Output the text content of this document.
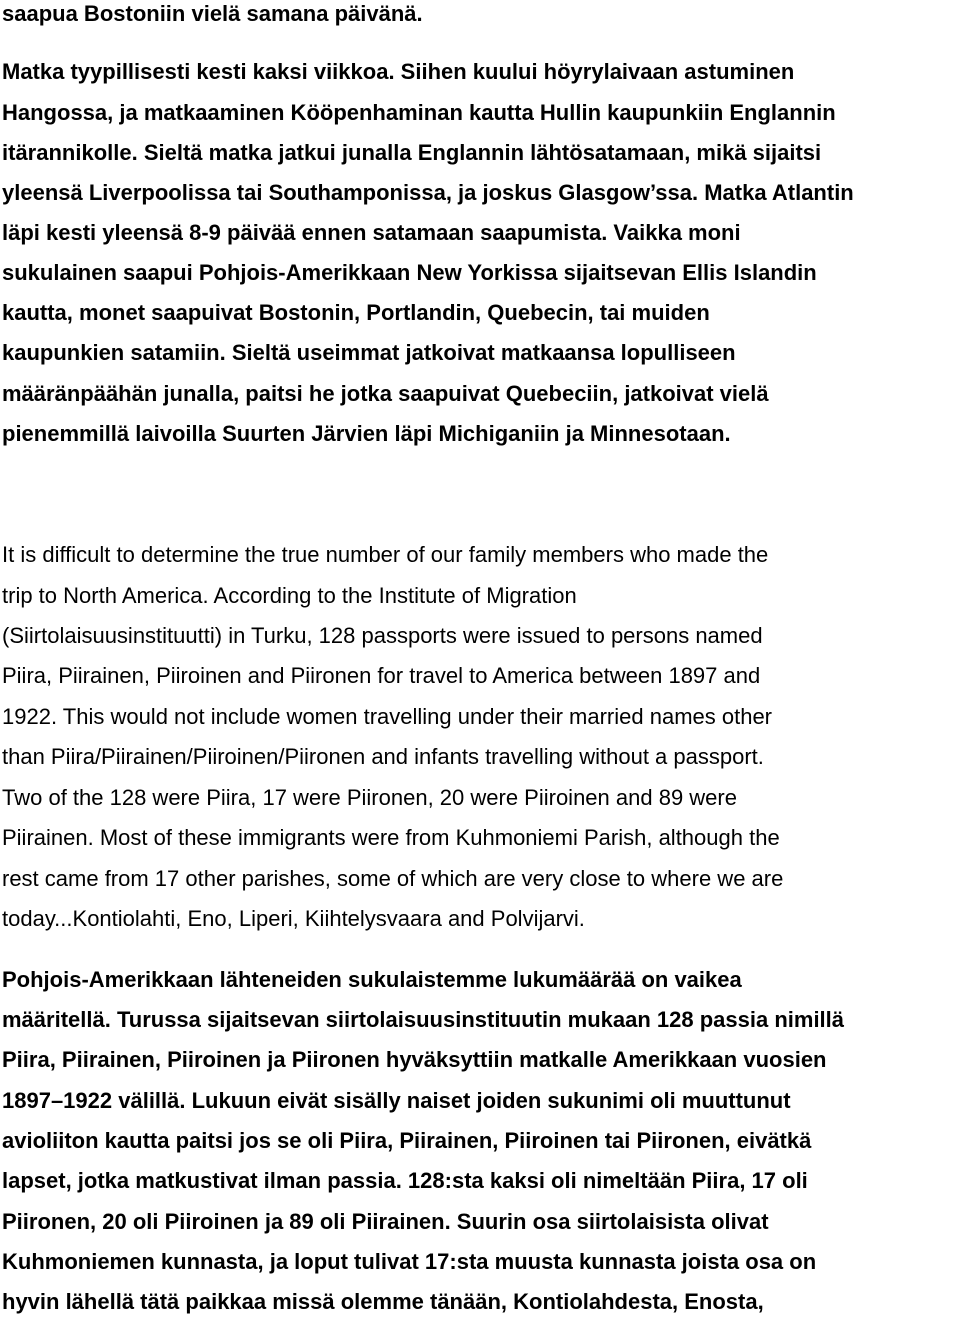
saapua Bostoniin vielä samana päivänä.
Matka tyypillisesti kesti kaksi viikkoa. Siihen kuului höyrylaivaan astuminen
Hangossa, ja matkaaminen Kööpenhaminan kautta Hullin kaupunkiin Englannin
itärannikolle. Sieltä matka jatkui junalla Englannin lähtösatamaan, mikä sijaitsi
yleensä Liverpoolissa tai Southamponissa, ja joskus Glasgow’ssa. Matka Atlantin
läpi kesti yleensä 8-9 päivää ennen satamaan saapumista. Vaikka moni
sukulainen saapui Pohjois-Amerikkaan New Yorkissa sijaitsevan Ellis Islandin
kautta, monet saapuivat Bostonin, Portlandin, Quebecin, tai muiden
kaupunkien satamiin. Sieltä useimmat jatkoivat matkaansa lopulliseen
määränpäähän junalla, paitsi he jotka saapuivat Quebeciin, jatkoivat vielä
pienemmillä laivoilla Suurten Järvien läpi Michiganiin ja Minnesotaan.
It is difficult to determine the true number of our family members who made the
trip to North America. According to the Institute of Migration
(Siirtolaisuusinstituutti) in Turku, 128 passports were issued to persons named
Piira, Piirainen, Piiroinen and Piironen for travel to America between 1897 and
1922. This would not include women travelling under their married names other
than Piira/Piirainen/Piiroinen/Piironen and infants travelling without a passport.
Two of the 128 were Piira, 17 were Piironen, 20 were Piiroinen and 89 were
Piirainen. Most of these immigrants were from Kuhmoniemi Parish, although the
rest came from 17 other parishes, some of which are very close to where we are
today...Kontiolahti, Eno, Liperi, Kiihtelysvaara and Polvijarvi.
Pohjois-Amerikkaan lähteneiden sukulaistemme lukumäärää on vaikea
määritellä. Turussa sijaitsevan siirtolaisuusinstituutin mukaan 128 passia nimillä
Piira, Piirainen, Piiroinen ja Piironen hyväksyttiin matkalle Amerikkaan vuosien
1897–1922 välillä. Lukuun eivät sisälly naiset joiden sukunimi oli muuttunut
avioliiton kautta paitsi jos se oli Piira, Piirainen, Piiroinen tai Piironen, eivätkä
lapset, jotka matkustivat ilman passia. 128:sta kaksi oli nimeltään Piira, 17 oli
Piironen, 20 oli Piiroinen ja 89 oli Piirainen. Suurin osa siirtolaisista olivat
Kuhmoniemen kunnasta, ja loput tulivat 17:sta muusta kunnasta joista osa on
hyvin lähellä tätä paikkaa missä olemme tänään, Kontiolahdesta, Enosta,
